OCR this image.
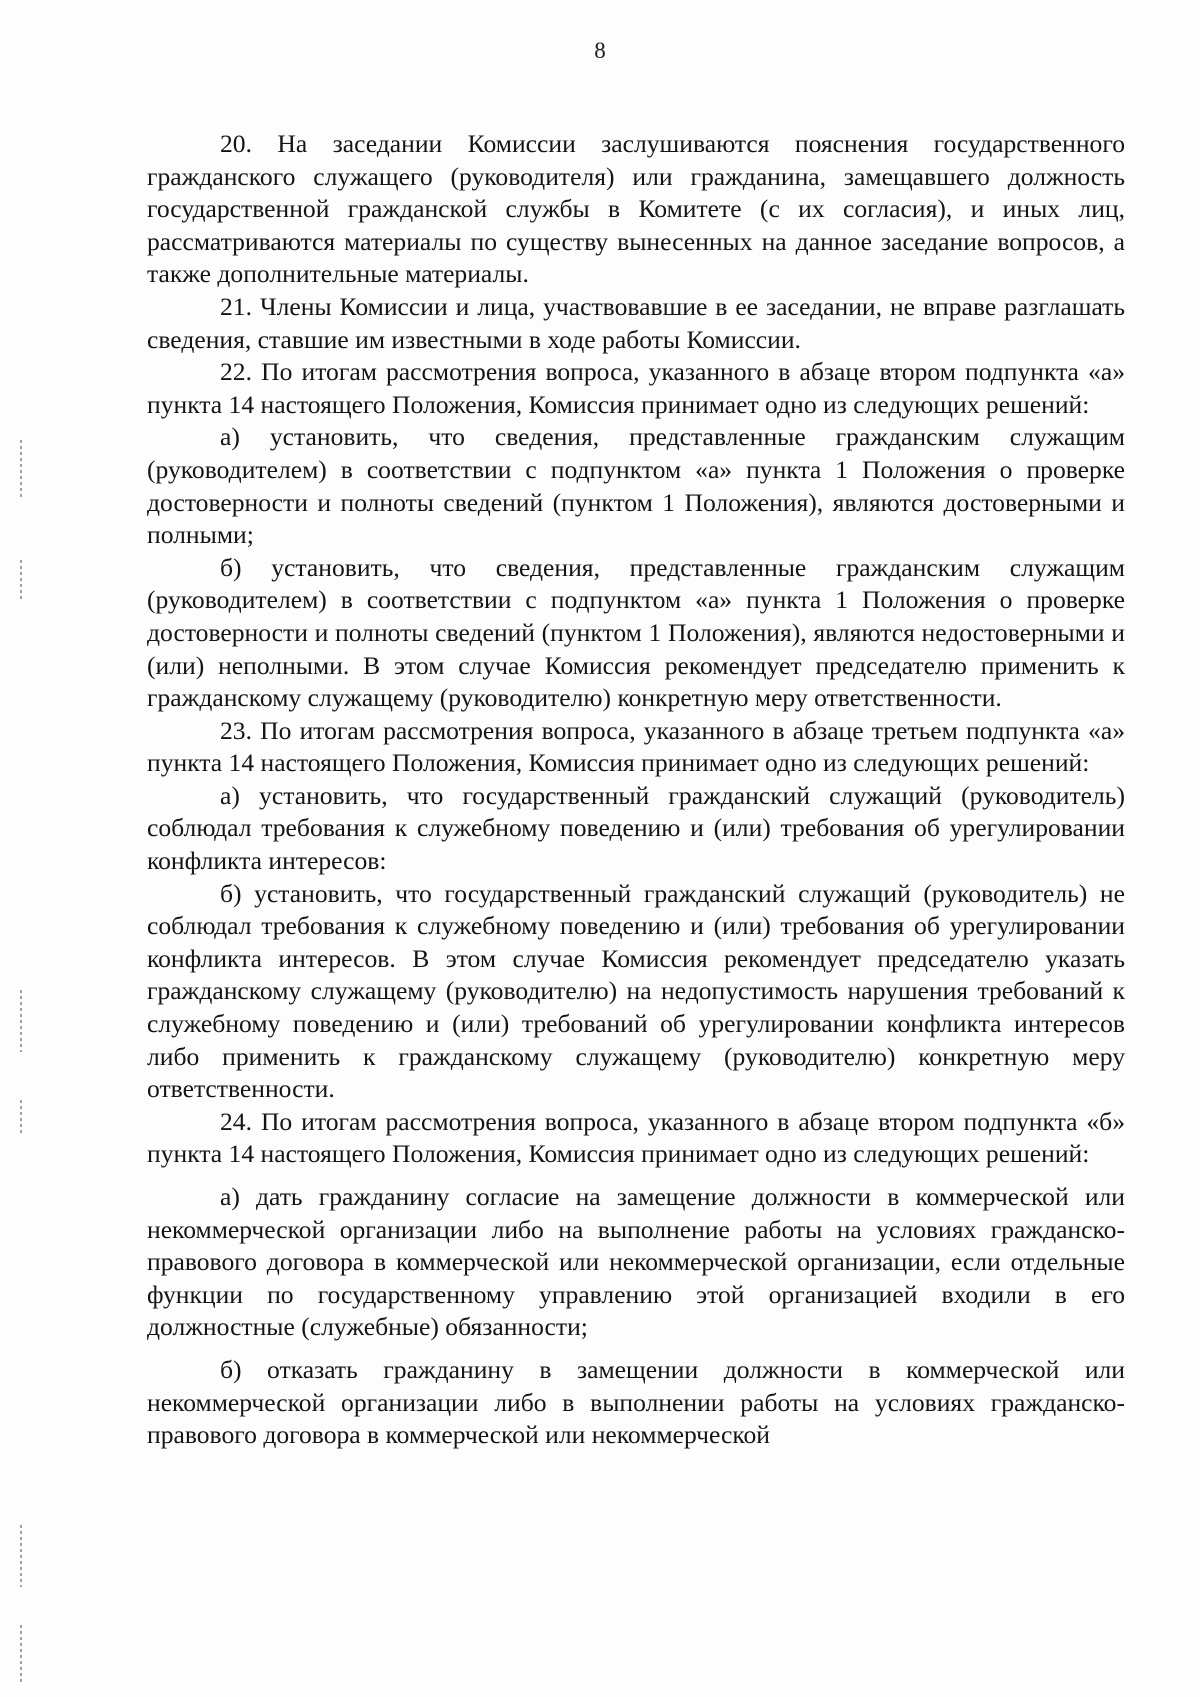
8

20. На заседании Комиссии заслушиваются пояснения государственного гражданского служащего (руководителя) или гражданина, замещавшего должность государственной гражданской службы в Комитете (с их согласия), и иных лиц, рассматриваются материалы по существу вынесенных на данное заседание вопросов, а также дополнительные материалы.

21. Члены Комиссии и лица, участвовавшие в ее заседании, не вправе разглашать сведения, ставшие им известными в ходе работы Комиссии.

22. По итогам рассмотрения вопроса, указанного в абзаце втором подпункта «а» пункта 14 настоящего Положения, Комиссия принимает одно из следующих решений:

а) установить, что сведения, представленные гражданским служащим (руководителем) в соответствии с подпунктом «а» пункта 1 Положения о проверке достоверности и полноты сведений (пунктом 1 Положения), являются достоверными и полными;

б) установить, что сведения, представленные гражданским служащим (руководителем) в соответствии с подпунктом «а» пункта 1 Положения о проверке достоверности и полноты сведений (пунктом 1 Положения), являются недостоверными и (или) неполными. В этом случае Комиссия рекомендует председателю применить к гражданскому служащему (руководителю) конкретную меру ответственности.

23. По итогам рассмотрения вопроса, указанного в абзаце третьем подпункта «а» пункта 14 настоящего Положения, Комиссия принимает одно из следующих решений:

а) установить, что государственный гражданский служащий (руководитель) соблюдал требования к служебному поведению и (или) требования об урегулировании конфликта интересов:

б) установить, что государственный гражданский служащий (руководитель) не соблюдал требования к служебному поведению и (или) требования об урегулировании конфликта интересов. В этом случае Комиссия рекомендует председателю указать гражданскому служащему (руководителю) на недопустимость нарушения требований к служебному поведению и (или) требований об урегулировании конфликта интересов либо применить к гражданскому служащему (руководителю) конкретную меру ответственности.

24. По итогам рассмотрения вопроса, указанного в абзаце втором подпункта «б» пункта 14 настоящего Положения, Комиссия принимает одно из следующих решений:

а) дать гражданину согласие на замещение должности в коммерческой или некоммерческой организации либо на выполнение работы на условиях гражданско-правового договора в коммерческой или некоммерческой организации, если отдельные функции по государственному управлению этой организацией входили в его должностные (служебные) обязанности;

б) отказать гражданину в замещении должности в коммерческой или некоммерческой организации либо в выполнении работы на условиях гражданско-правового договора в коммерческой или некоммерческой
